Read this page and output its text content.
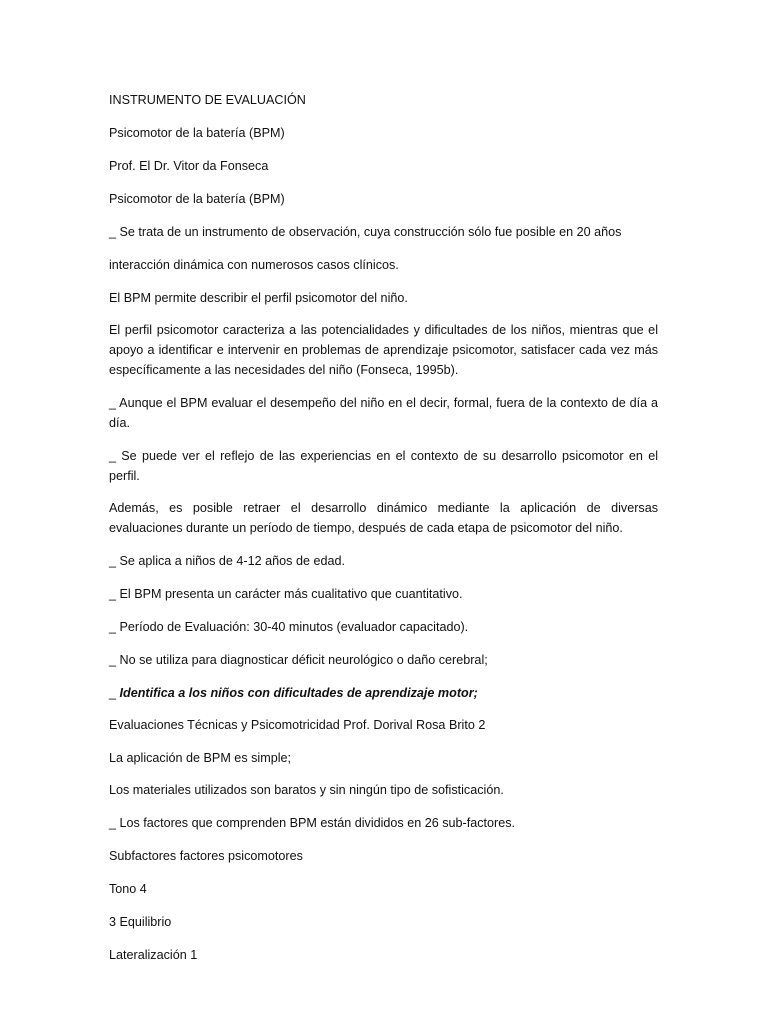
INSTRUMENTO DE EVALUACIÓN
Psicomotor de la batería (BPM)
Prof. El Dr. Vitor da Fonseca
Psicomotor de la batería (BPM)
_ Se trata de un instrumento de observación, cuya construcción sólo fue posible en 20 años
interacción dinámica con numerosos casos clínicos.
El BPM permite describir el perfil psicomotor del niño.
El perfil psicomotor caracteriza a las potencialidades y dificultades de los niños, mientras que el apoyo a identificar e intervenir en problemas de aprendizaje psicomotor, satisfacer cada vez más específicamente a las necesidades del niño (Fonseca, 1995b).
_ Aunque el BPM evaluar el desempeño del niño en el decir, formal, fuera de la contexto de día a día.
_ Se puede ver el reflejo de las experiencias en el contexto de su desarrollo psicomotor en el perfil.
Además, es posible retraer el desarrollo dinámico mediante la aplicación de diversas evaluaciones durante un período de tiempo, después de cada etapa de psicomotor del niño.
_ Se aplica a niños de 4-12 años de edad.
_ El BPM presenta un carácter más cualitativo que cuantitativo.
_ Período de Evaluación: 30-40 minutos (evaluador capacitado).
_ No se utiliza para diagnosticar déficit neurológico o daño cerebral;
_ Identifica a los niños con dificultades de aprendizaje motor;
Evaluaciones Técnicas y Psicomotricidad Prof. Dorival Rosa Brito 2
La aplicación de BPM es simple;
Los materiales utilizados son baratos y sin ningún tipo de sofisticación.
_ Los factores que comprenden BPM están divididos en 26 sub-factores.
Subfactores factores psicomotores
Tono 4
3 Equilibrio
Lateralización 1
